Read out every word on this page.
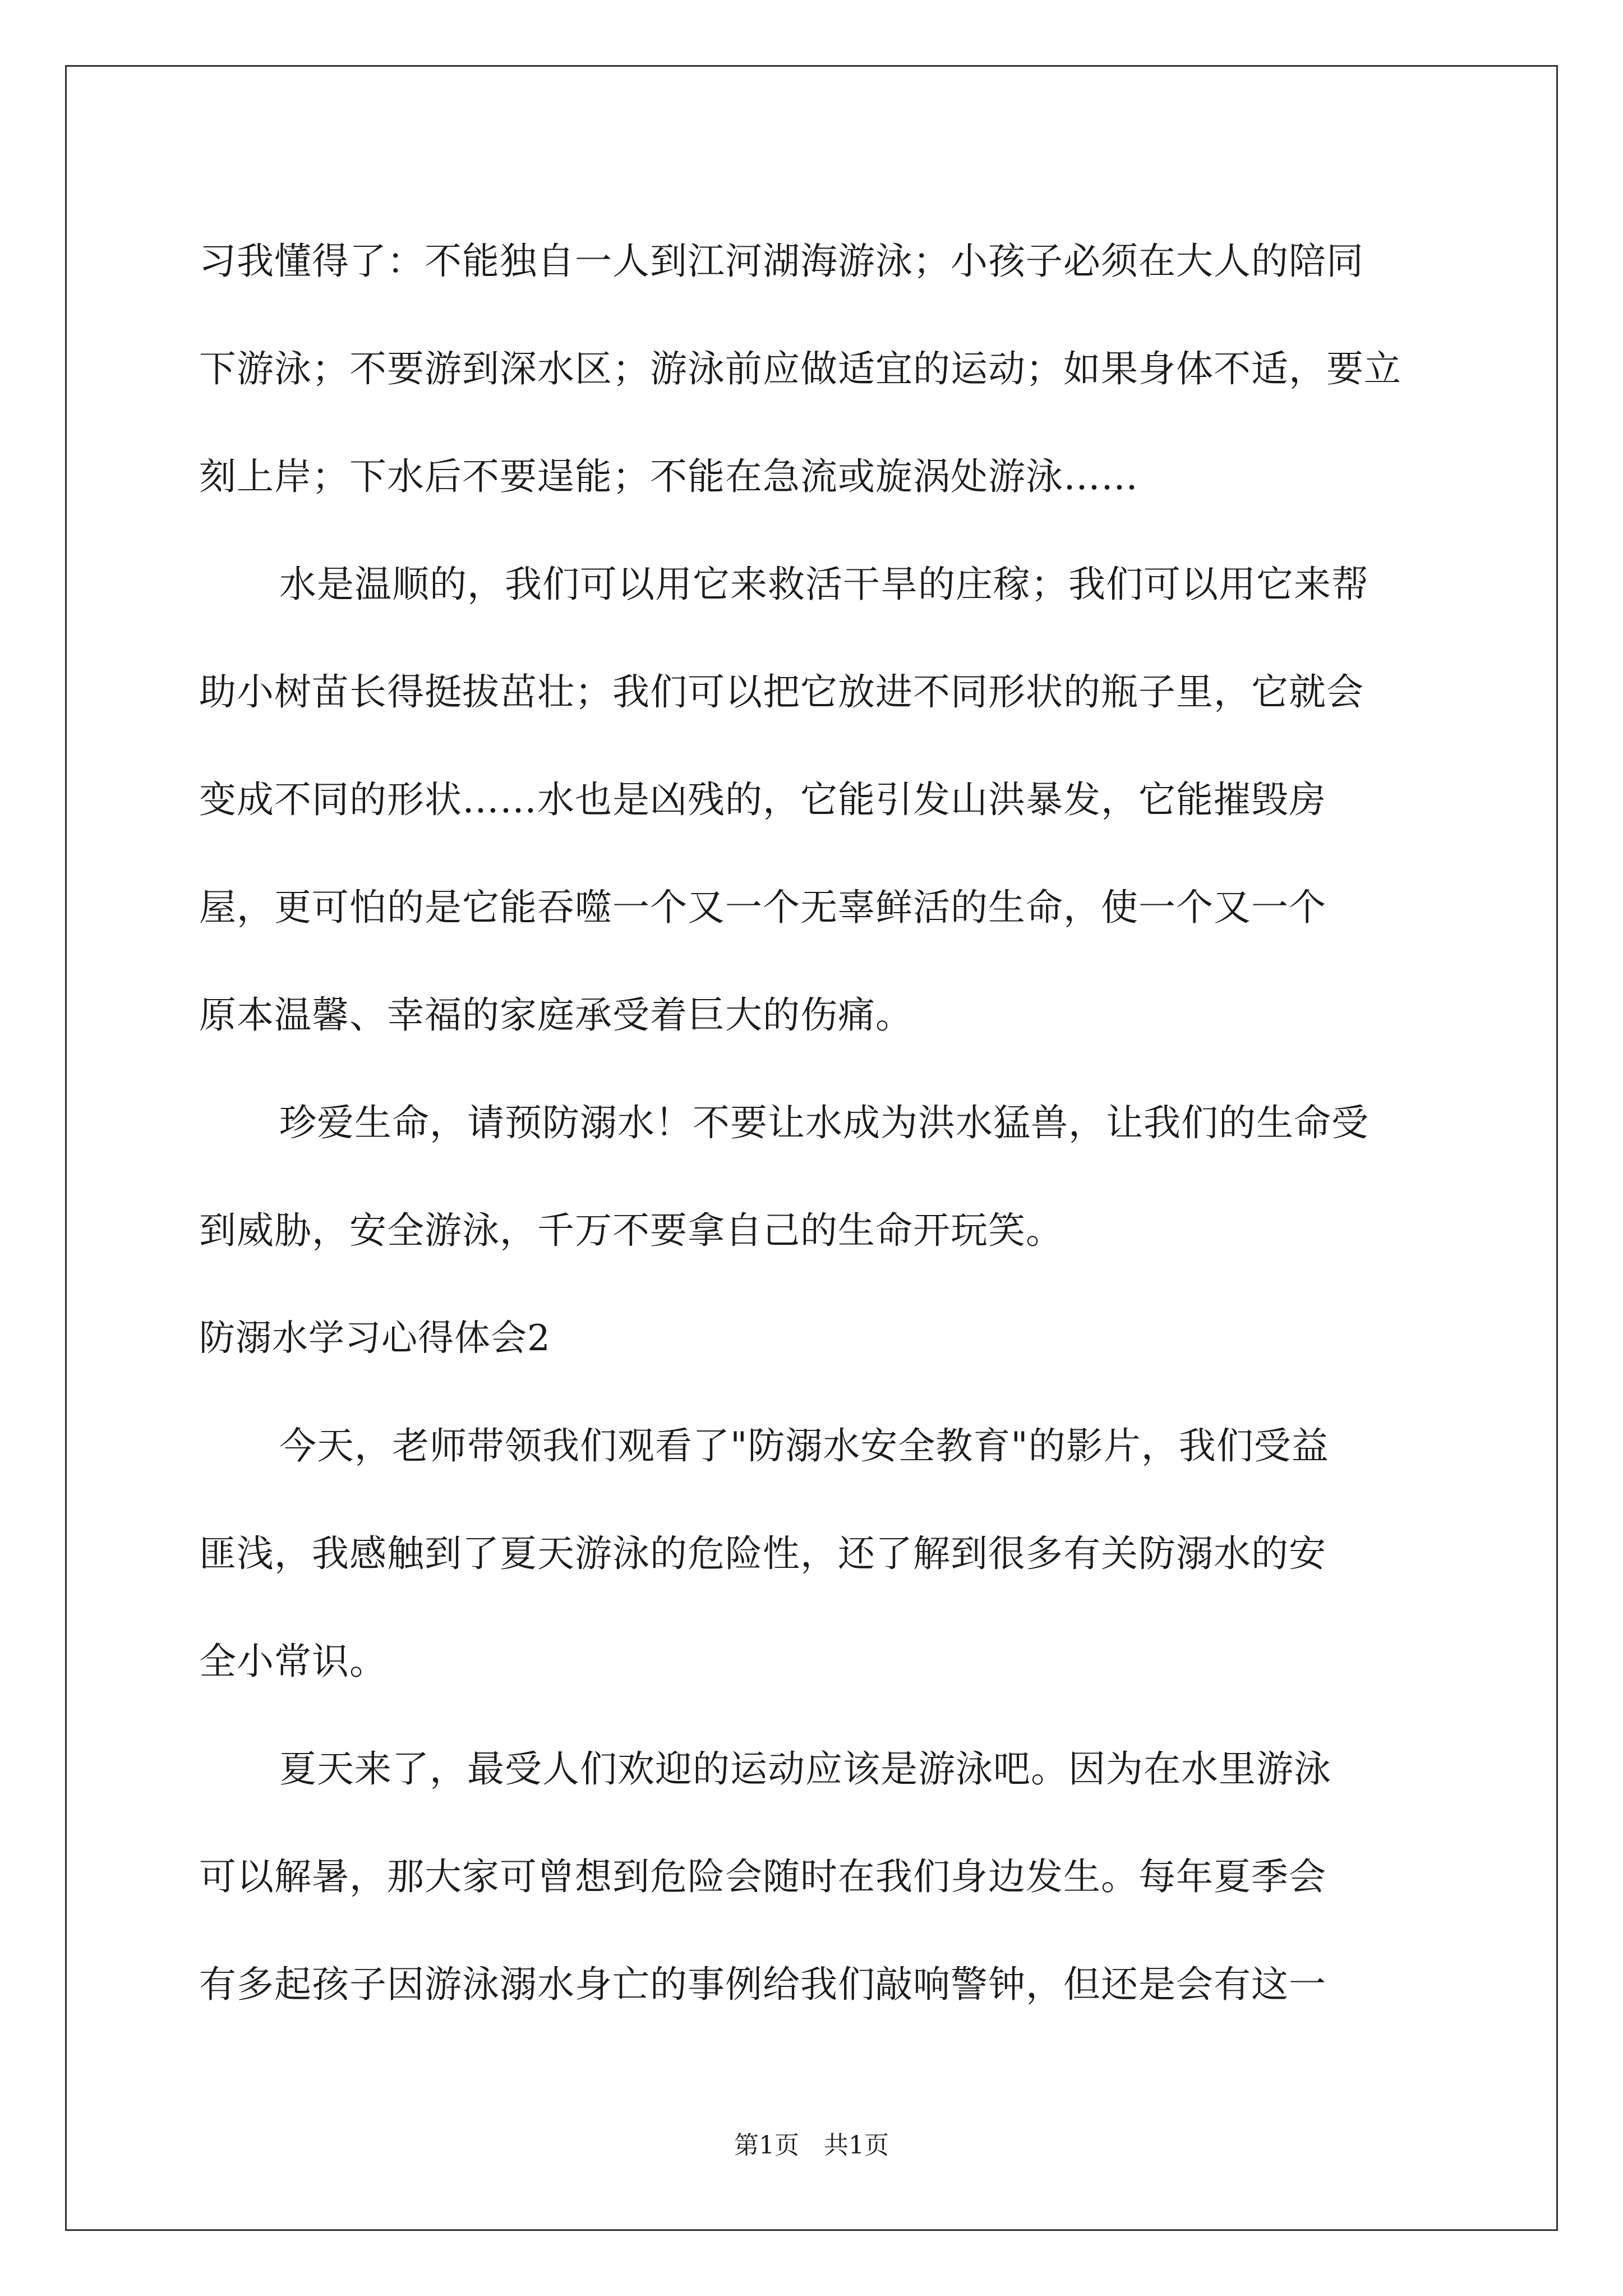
习我懂得了：不能独自一人到江河湖海游泳；小孩子必须在大人的陪同
下游泳；不要游到深水区；游泳前应做适宜的运动；如果身体不适，要立
刻上岸；下水后不要逞能；不能在急流或旋涡处游泳……
水是温顺的，我们可以用它来救活干旱的庄稼；我们可以用它来帮
助小树苗长得挺拔茁壮；我们可以把它放进不同形状的瓶子里，它就会
变成不同的形状……水也是凶残的，它能引发山洪暴发，它能摧毁房
屋，更可怕的是它能吞噬一个又一个无辜鲜活的生命，使一个又一个
原本温馨、幸福的家庭承受着巨大的伤痛。
珍爱生命，请预防溺水！不要让水成为洪水猛兽，让我们的生命受
到威胁，安全游泳，千万不要拿自己的生命开玩笑。
防溺水学习心得体会2
今天，老师带领我们观看了"防溺水安全教育"的影片，我们受益
匪浅，我感触到了夏天游泳的危险性，还了解到很多有关防溺水的安
全小常识。
夏天来了，最受人们欢迎的运动应该是游泳吧。因为在水里游泳
可以解暑，那大家可曾想到危险会随时在我们身边发生。每年夏季会
有多起孩子因游泳溺水身亡的事例给我们敲响警钟，但还是会有这一
第1页　共1页
